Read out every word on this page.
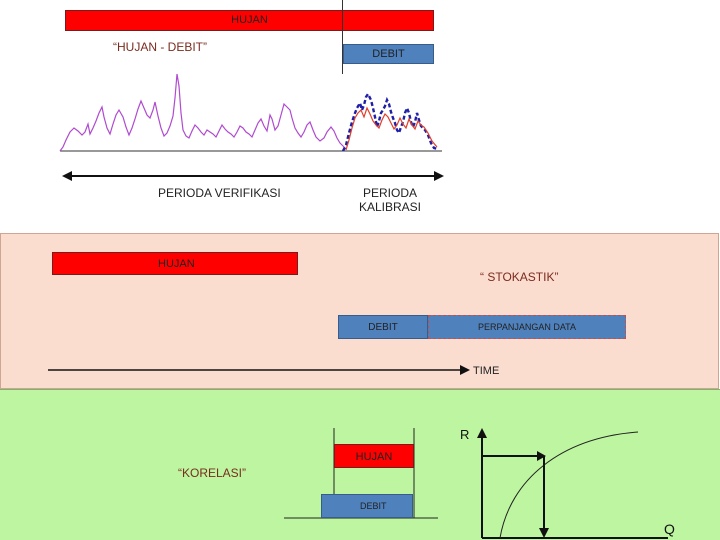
HUJAN
“HUJAN - DEBIT”	DEBIT
PERIODA VERIFIKASI	PERIODA
KALIBRASI
HUJAN
“ STOKASTIK”
DEBIT	PERPANJANGAN DATA
TIME
“KORELASI”
HUJAN
DEBIT
R
Q
